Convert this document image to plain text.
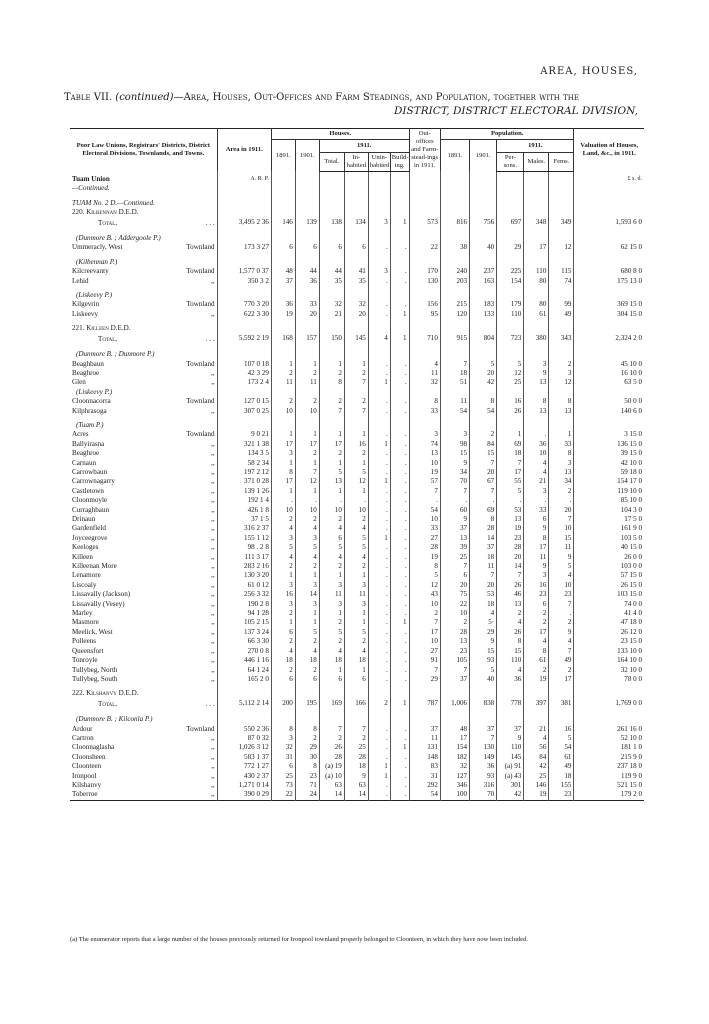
AREA, HOUSES,
Table VII. (continued)—Area, Houses, Out-Offices and Farm Steadings, and Population, together with the
DISTRICT, DISTRICT ELECTORAL DIVISION,
Poor Law Unions, Registrars' Districts, District Electoral Divisions, Townlands, and Towns.	Area in 1911.	Houses.						Out-offices and Farm-stead-ings in 1911.	Population.					Valuation of Houses, Land, &c., in 1911.
		1891.	1901.	1911.					1891.	1901.	1911.			
				Total.	In-habited	Unin-habited	Build-ing.				Per-sons.	Males.	Fems.	
Tuam Union	A. R. P.													£ s. d.
—Continued.														

TUAM No. 2 D.—Continued.														
220. Kilbennan D.E.D.														
Total, . . .	3,495 2 36	146	139	138	134	3	1	573	816	756	697	348	349	1,593 6 0

(Dunmore B. ; Addergoole P.)														
Ummeracly, West Townland	173 3 27	6	6	6	6	.	.	22	38	40	29	17	12	62 15 0

(Kilbennan P.)														
Kilcreevanty Townland	1,577 0 37	48	44	44	41	3	.	170	240	237	225	110	115	680 8 0
Lehid ,,	350 3 2	37	36	35	35	.	.	130	203	163	154	80	74	175 13 0

(Liskeevy P.)														
Kilgevrin Townland	770 3 20	36	33	32	32	.	.	156	215	183	179	80	99	369 15 0
Liskeevy ,,	622 3 30	19	20	21	20	.	1	95	120	133	110	61	49	304 15 0

221. Killeen D.E.D.														
Total, . . .	5,592 2 19	168	157	150	145	4	1	710	915	804	723	380	343	2,324 2 0

(Dunmore B. ; Dunmore P.)														
Beaghbaun Townland	107 0 18	1	1	1	1	.	.	4	7	5	5	3	2	45 10 0
Beaghroe ,,	42 3 29	2	2	2	2	.	.	11	18	20	12	9	3	16 10 0
Glen ,,	173 2 4	11	11	8	7	1	.	32	51	42	25	13	12	63 5 0
(Liskeevy P.)														
Cloonnacorra Townland	127 0 15	2	2	2	2	.	.	8	11	8	16	8	8	50 0 0
Kilphrasoga ,,	307 0 25	10	10	7	7	.	.	33	54	54	26	13	13	140 6 0

(Tuam P.)														
Acres Townland	9 0 21	1	1	1	1	.	.	3	3	2	1	.	1	3 15 0
Ballyirasna ,,	321 1 38	17	17	17	16	1	.	74	98	84	69	36	33	136 15 0
Beaghroe ,,	134 3 5	3	2	2	2	.	.	13	15	15	18	10	8	39 15 0
Carnaun ,,	58 2 34	1	1	1	1	.	.	10	9	7	7	4	3	42 10 0
Carrowbaun ,,	197 2 12	8	7	5	5	.	.	19	34	20	17	4	13	59 18 0
Carrownagarry ,,	371 0 28	17	12	13	12	1	.	57	70	67	55	21	34	154 17 0
Castletown ,,	139 1 26	1	1	1	1	.	.	7	7	7	5	3	2	119 10 0
Cloonmoyle ,,	192 1 4	.	.	.	.	.	.	.	.	.	.	.	.	85 10 0
Curraghbaun ,,	426 1 8	10	10	10	10	.	.	54	60	69	53	33	20	104 3 0
Drinaun ,,	37 1 5	2	2	2	2	.	.	10	9	8	13	6	7	17 5 0
Gardenfield ,,	316 2 37	4	4	4	4	.	.	33	37	28	19	9	10	161 9 0
Joyceegrove ,,	155 1 12	3	3	6	5	1	.	27	13	14	23	8	15	103 5 0
Keeloges ,,	98 . 2 8	5	5	5	5	.	.	28	39	37	28	17	11	40 15 0
Killeen ,,	111 3 17	4	4	4	4	.	.	19	25	18	20	11	9	26 0 0
Killeenan More ,,	283 2 16	2	2	2	2	.	.	8	7	11	14	9	5	103 0 0
Lenamore ,,	130 3 20	1	1	1	1	.	.	5	6	7	7	3	4	57 15 0
Liscoaly ,,	61 0 12	3	3	3	3	.	.	12	20	20	26	16	10	26 15 0
Lissavally (Jackson) ,,	256 3 32	16	14	11	11	.	.	43	75	53	46	23	23	103 15 0
Lissavally (Vesey) ,,	190 2 8	3	3	3	3	.	.	10	22	18	13	6	7	74 0 0
Marley ,,	94 1 28	2	1	1	1	.	.	2	10	4	2	2	.	41 4 0
Masmore ,,	105 2 15	1	1	2	1	.	1	7	2	5·	4	2	2	47 18 0
Meelick, West ,,	137 3 24	6	5	5	5	.	.	17	28	29	26	17	9	26 12 0
Polleens ,,	66 3 30	2	2	2	2	.	.	10	13	9	8	4	4	23 15 0
Queensfort ,,	270 0 8	4	4	4	4	.	.	27	23	15	15	8	7	133 10 0
Tonroyle ,,	446 1 16	18	18	18	18	.	.	91	105	93	110	61	49	164 10 0
Tullybeg, North ,,	64 1 24	2	2	1	1	.	.	7	7	5	4	2	2	32 10 0
Tullybeg, South ,,	165 2 0	6	6	6	6	.	.	29	37	40	36	19	17	78 0 0

222. Kilshanvy D.E.D.														
Total, . . .	5,112 2 14	200	195	169	166	2	1	787	1,006	838	778	397	381	1,769 0 0

(Dunmore B. ; Kilconla P.)														
Ardour Townland	550 2 36	8	8	7	7	.	.	37	48	37	37	21	16	261 16 0
Cartron ,,	87 0 32	3	2	2	2	.	.	11	17	7	9	4	5	52 10 0
Cloonnaglasha ,,	1,026 3 12	32	29	26	25	.	1	131	154	130	110	56	54	181 1 0
Cloonsheen ,,	583 1 37	31	30	28	28	.	.	148	182	149	145	84	61	215 9 0
Cloonteen ,,	772 1 27	6	8	(a) 19	18	1	.	83	32	36	(a) 91	42	49	237 18 0
Ironpool ,,	430 2 37	25	23	(a) 10	9	1	.	31	127	93	(a) 43	25	18	119 9 0
Kilshanvy ,,	1,271 0 14	73	71	63	63	.	.	292	346	316	301	146	155	521 15 0
Toberroe ,,	390 0 29	22	24	14	14	.	.	54	100	70	42	19	23	179 2 0
(a) The enumerator reports that a large number of the houses previously returned for Ironpool townland properly belonged to Cloonteen, in which they have now been included.
